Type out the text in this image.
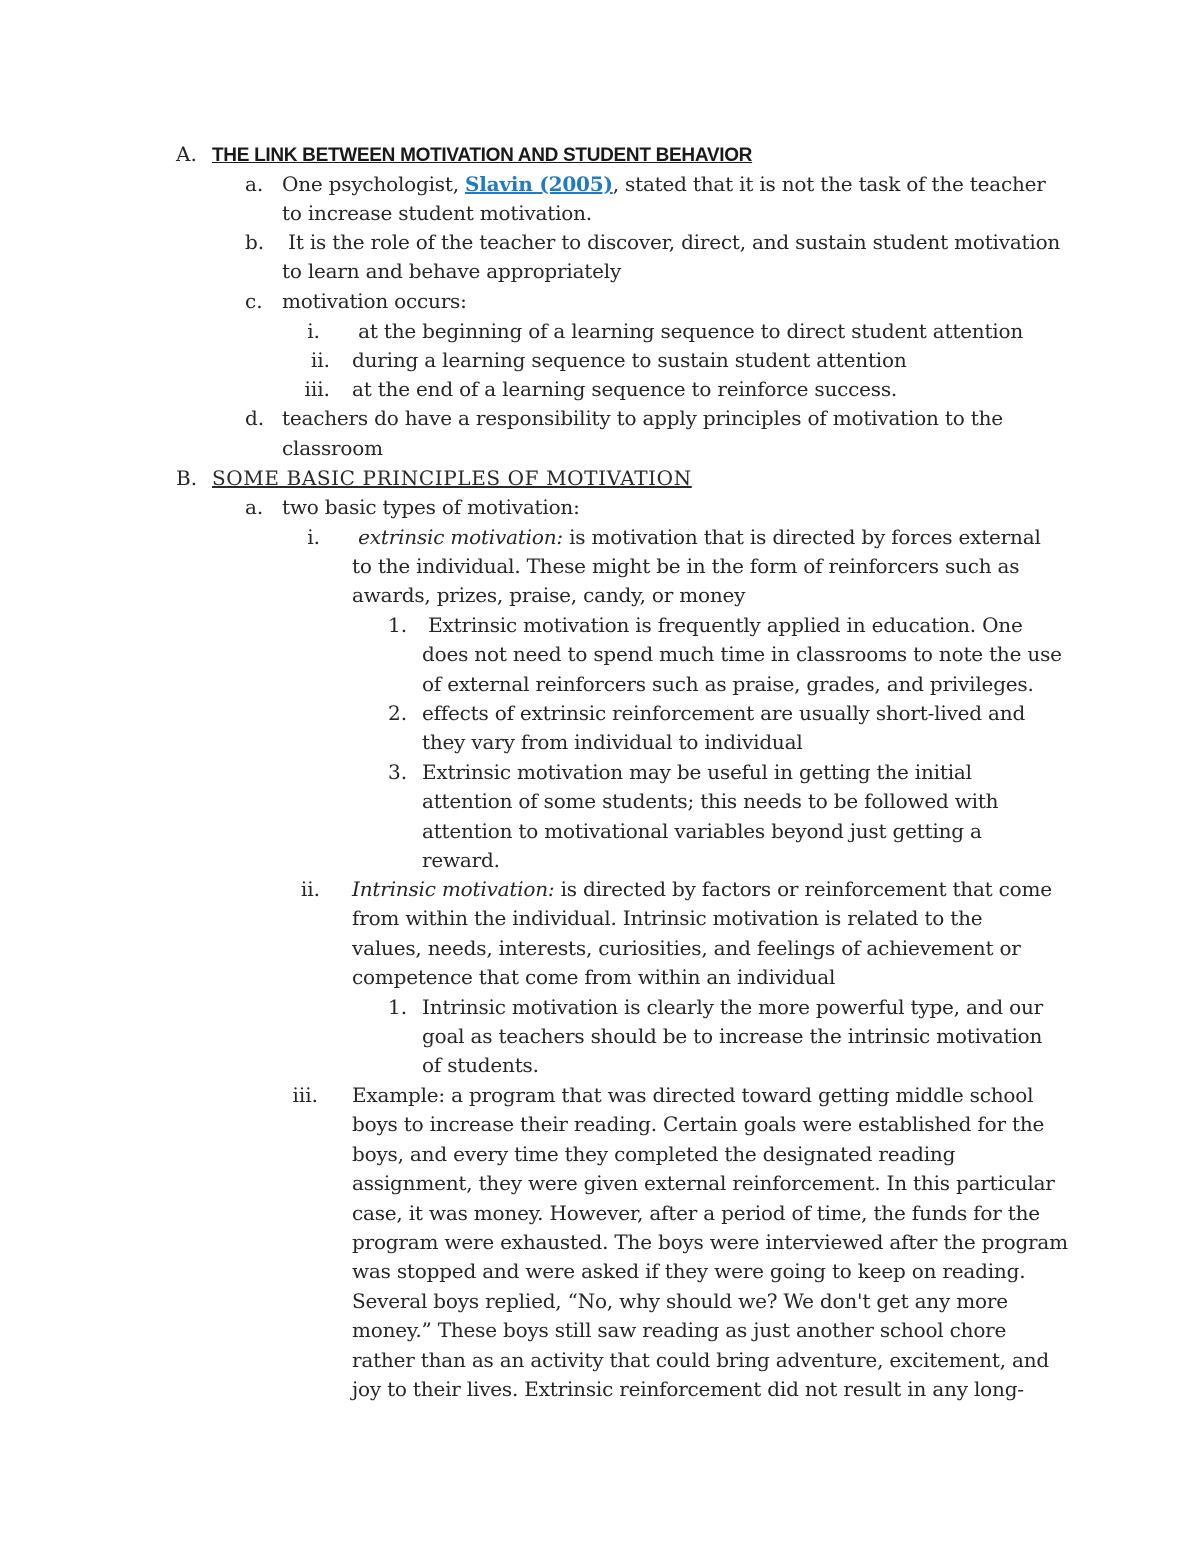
A. THE LINK BETWEEN MOTIVATION AND STUDENT BEHAVIOR
a. One psychologist, Slavin (2005), stated that it is not the task of the teacher
to increase student motivation.
b. It is the role of the teacher to discover, direct, and sustain student motivation
to learn and behave appropriately
c. motivation occurs:
i. at the beginning of a learning sequence to direct student attention
ii. during a learning sequence to sustain student attention
iii. at the end of a learning sequence to reinforce success.
d. teachers do have a responsibility to apply principles of motivation to the
classroom
B. SOME BASIC PRINCIPLES OF MOTIVATION
a. two basic types of motivation:
i. extrinsic motivation: is motivation that is directed by forces external
to the individual. These might be in the form of reinforcers such as
awards, prizes, praise, candy, or money
1. Extrinsic motivation is frequently applied in education. One
does not need to spend much time in classrooms to note the use
of external reinforcers such as praise, grades, and privileges.
2. effects of extrinsic reinforcement are usually short-lived and
they vary from individual to individual
3. Extrinsic motivation may be useful in getting the initial
attention of some students; this needs to be followed with
attention to motivational variables beyond just getting a
reward.
ii. Intrinsic motivation: is directed by factors or reinforcement that come
from within the individual. Intrinsic motivation is related to the
values, needs, interests, curiosities, and feelings of achievement or
competence that come from within an individual
1. Intrinsic motivation is clearly the more powerful type, and our
goal as teachers should be to increase the intrinsic motivation
of students.
iii. Example: a program that was directed toward getting middle school
boys to increase their reading. Certain goals were established for the
boys, and every time they completed the designated reading
assignment, they were given external reinforcement. In this particular
case, it was money. However, after a period of time, the funds for the
program were exhausted. The boys were interviewed after the program
was stopped and were asked if they were going to keep on reading.
Several boys replied, “No, why should we? We don't get any more
money.” These boys still saw reading as just another school chore
rather than as an activity that could bring adventure, excitement, and
joy to their lives. Extrinsic reinforcement did not result in any long-
